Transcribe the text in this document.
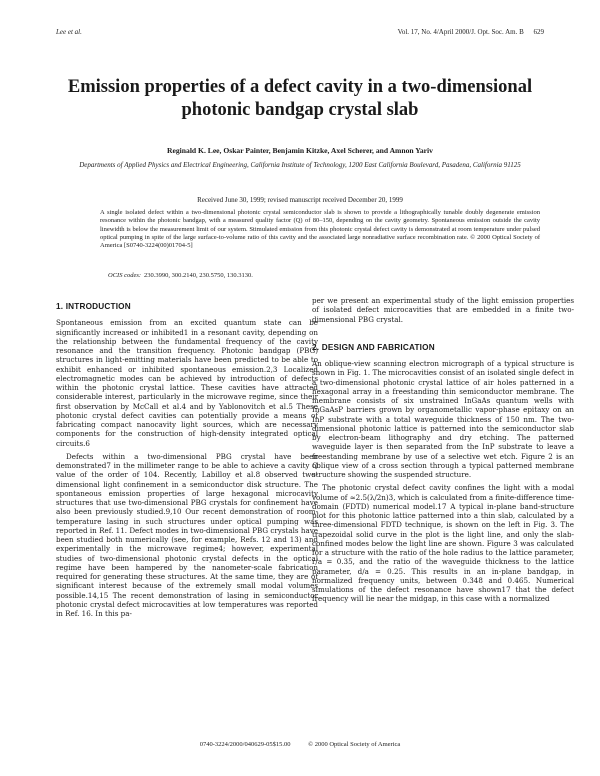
Lee et al.	Vol. 17, No. 4/April 2000/J. Opt. Soc. Am. B 629
Emission properties of a defect cavity in a two-dimensional photonic bandgap crystal slab
Reginald K. Lee, Oskar Painter, Benjamin Kitzke, Axel Scherer, and Amnon Yariv
Departments of Applied Physics and Electrical Engineering, California Institute of Technology, 1200 East California Boulevard, Pasadena, California 91125
Received June 30, 1999; revised manuscript received December 20, 1999

A single isolated defect within a two-dimensional photonic crystal semiconductor slab is shown to provide a lithographically tunable doubly degenerate emission resonance within the photonic bandgap, with a measured quality factor (Q) of 80–150, depending on the cavity geometry. Spontaneous emission outside the cavity linewidth is below the measurement limit of our system. Stimulated emission from this photonic crystal defect cavity is demonstrated at room temperature under pulsed optical pumping in spite of the large surface-to-volume ratio of this cavity and the associated large nonradiative surface recombination rate. © 2000 Optical Society of America [S0740-3224(00)01704-5]

OCIS codes: 230.3990, 300.2140, 230.5750, 130.3130.
1. INTRODUCTION

Spontaneous emission from an excited quantum state can be significantly increased or inhibited1 in a resonant cavity, depending on the relationship between the fundamental frequency of the cavity resonance and the transition frequency. Photonic bandgap (PBG) structures in light-emitting materials have been predicted to be able to exhibit enhanced or inhibited spontaneous emission.2,3 Localized electromagnetic modes can be achieved by introduction of defects within the photonic crystal lattice. These cavities have attracted considerable interest, particularly in the microwave regime, since their first observation by McCall et al.4 and by Yablonovitch et al.5 These photonic crystal defect cavities can potentially provide a means of fabricating compact nanocavity light sources, which are necessary components for the construction of high-density integrated optical circuits.6

Defects within a two-dimensional PBG crystal have been demonstrated7 in the millimeter range to be able to achieve a cavity Q value of the order of 104. Recently, Labilloy et al.8 observed two-dimensional light confinement in a semiconductor disk structure. The spontaneous emission properties of large hexagonal microcavity structures that use two-dimensional PBG crystals for confinement have also been previously studied.9,10 Our recent demonstration of room-temperature lasing in such structures under optical pumping was reported in Ref. 11. Defect modes in two-dimensional PBG crystals have been studied both numerically (see, for example, Refs. 12 and 13) and experimentally in the microwave regime4; however, experimental studies of two-dimensional photonic crystal defects in the optical regime have been hampered by the nanometer-scale fabrication required for generating these structures. At the same time, they are of significant interest because of the extremely small modal volumes possible.14,15 The recent demonstration of lasing in semiconductor photonic crystal defect microcavities at low temperatures was reported in Ref. 16. In this pa-

per we present an experimental study of the light emission properties of isolated defect microcavities that are embedded in a finite two-dimensional PBG crystal.

2. DESIGN AND FABRICATION

An oblique-view scanning electron micrograph of a typical structure is shown in Fig. 1. The microcavities consist of an isolated single defect in a two-dimensional photonic crystal lattice of air holes patterned in a hexagonal array in a freestanding thin semiconductor membrane. The membrane consists of six unstrained InGaAs quantum wells with InGaAsP barriers grown by organometallic vapor-phase epitaxy on an InP substrate with a total waveguide thickness of 150 nm. The two-dimensional photonic lattice is patterned into the semiconductor slab by electron-beam lithography and dry etching. The patterned waveguide layer is then separated from the InP substrate to leave a freestanding membrane by use of a selective wet etch. Figure 2 is an oblique view of a cross section through a typical patterned membrane structure showing the suspended structure.

The photonic crystal defect cavity confines the light with a modal volume of ≈2.5(λ/2n)3, which is calculated from a finite-difference time-domain (FDTD) numerical model.17 A typical in-plane band-structure plot for this photonic lattice patterned into a thin slab, calculated by a three-dimensional FDTD technique, is shown on the left in Fig. 3. The trapezoidal solid curve in the plot is the light line, and only the slab-confined modes below the light line are shown. Figure 3 was calculated for a structure with the ratio of the hole radius to the lattice parameter, r/a = 0.35, and the ratio of the waveguide thickness to the lattice parameter, d/a = 0.25. This results in an in-plane bandgap, in normalized frequency units, between 0.348 and 0.465. Numerical simulations of the defect resonance have shown17 that the defect frequency will lie near the midgap, in this case with a normalized

0740-3224/2000/040629-05$15.00	© 2000 Optical Society of America
